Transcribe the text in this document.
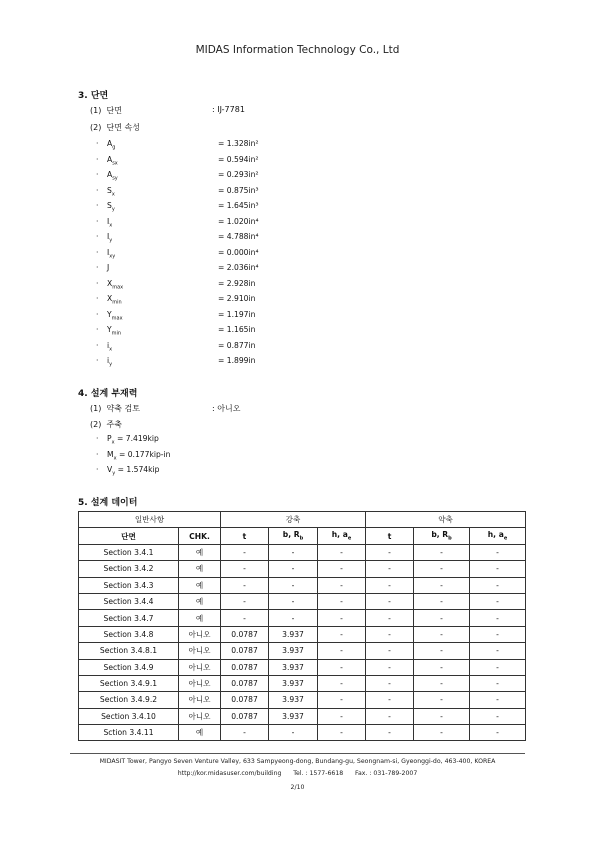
MIDAS Information Technology Co., Ltd
3. 단면
(1) 단면	: IJ-7781
(2) 단면 속성
· $A_g$	= 1.328in²
· $A_{sx}$	= 0.594in²
· $A_{sy}$	= 0.293in²
· $S_x$	= 0.875in³
· $S_y$	= 1.645in³
· $I_x$	= 1.020in⁴
· $I_y$	= 4.788in⁴
· $I_{xy}$	= 0.000in⁴
· J	= 2.036in⁴
· $X_{max}$	= 2.928in
· $X_{min}$	= 2.910in
· $Y_{max}$	= 1.197in
· $Y_{min}$	= 1.165in
· $i_x$	= 0.877in
· $i_y$	= 1.899in
4. 설계 부재력
(1) 약축 검토	: 아니오
(2) 주축
· $P_x = 7.419kip$
· $M_x = 0.177kip-in$
· $V_y = 1.574kip$
5. 설계 데이터
일반사항		강축			약축		
단면	CHK.	t	b, $R_b$	h, $a_e$	t	b, $R_b$	h, $a_e$
Section 3.4.1	예	-	-	-	-	-	-
Section 3.4.2	예	-	-	-	-	-	-
Section 3.4.3	예	-	-	-	-	-	-
Section 3.4.4	예	-	-	-	-	-	-
Section 3.4.7	예	-	-	-	-	-	-
Section 3.4.8	아니오	0.0787	3.937	-	-	-	-
Section 3.4.8.1	아니오	0.0787	3.937	-	-	-	-
Section 3.4.9	아니오	0.0787	3.937	-	-	-	-
Section 3.4.9.1	아니오	0.0787	3.937	-	-	-	-
Section 3.4.9.2	아니오	0.0787	3.937	-	-	-	-
Section 3.4.10	아니오	0.0787	3.937	-	-	-	-
Sction 3.4.11	예	-	-	-	-	-	-
MIDASIT Tower, Pangyo Seven Venture Valley, 633 Sampyeong-dong, Bundang-gu, Seongnam-si, Gyeonggi-do, 463-400, KOREA
http://kor.midasuser.com/building      Tel. : 1577-6618      Fax. : 031-789-2007
2/10
